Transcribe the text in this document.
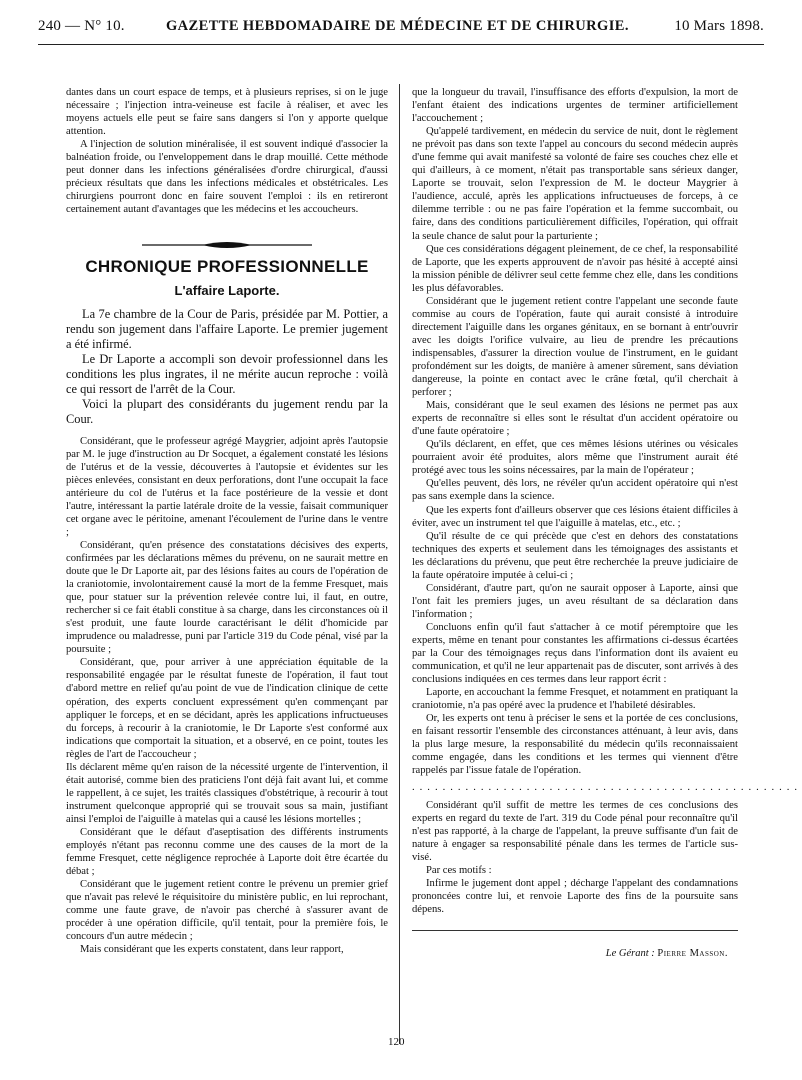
240 — N° 10.	GAZETTE HEBDOMADAIRE DE MÉDECINE ET DE CHIRURGIE.	10 Mars 1898.

dantes dans un court espace de temps, et à plusieurs reprises, si on le juge nécessaire ; l'injection intra-veineuse est facile à réaliser, et avec les moyens actuels elle peut se faire sans dangers si l'on y apporte quelque attention.

A l'injection de solution minéralisée, il est souvent indiqué d'associer la balnéation froide, ou l'enveloppement dans le drap mouillé. Cette méthode peut donner dans les infections généralisées d'ordre chirurgical, d'aussi précieux résultats que dans les infections médicales et obstétricales. Les chirurgiens pourront donc en faire souvent l'emploi : ils en retireront certainement autant d'avantages que les médecins et les accoucheurs.

CHRONIQUE PROFESSIONNELLE
L'affaire Laporte.

La 7e chambre de la Cour de Paris, présidée par M. Pottier, a rendu son jugement dans l'affaire Laporte. Le premier jugement a été infirmé.

Le Dr Laporte a accompli son devoir professionnel dans les conditions les plus ingrates, il ne mérite aucun reproche : voilà ce qui ressort de l'arrêt de la Cour.

Voici la plupart des considérants du jugement rendu par la Cour.

Considérant, que le professeur agrégé Maygrier, adjoint après l'autopsie par M. le juge d'instruction au Dr Socquet, a également constaté les lésions de l'utérus et de la vessie, découvertes à l'autopsie et évidentes sur les pièces enlevées, consistant en deux perforations, dont l'une occupait la face antérieure du col de l'utérus et la face postérieure de la vessie et dont l'autre, intéressant la partie latérale droite de la vessie, faisait communiquer cet organe avec le péritoine, amenant l'écoulement de l'urine dans le ventre ;

Considérant, qu'en présence des constatations décisives des experts, confirmées par les déclarations mêmes du prévenu, on ne saurait mettre en doute que le Dr Laporte ait, par des lésions faites au cours de l'opération de la craniotomie, involontairement causé la mort de la femme Fresquet, mais que, pour statuer sur la prévention relevée contre lui, il faut, en outre, rechercher si ce fait établi constitue à sa charge, dans les circonstances où il s'est produit, une faute lourde caractérisant le délit d'homicide par imprudence ou maladresse, puni par l'article 319 du Code pénal, visé par la poursuite ;

Considérant, que, pour arriver à une appréciation équitable de la responsabilité engagée par le résultat funeste de l'opération, il faut tout d'abord mettre en relief qu'au point de vue de l'indication clinique de cette opération, des experts concluent expressément qu'en commençant par appliquer le forceps, et en se décidant, après les applications infructueuses du forceps, à recourir à la craniotomie, le Dr Laporte s'est conformé aux indications que comportait la situation, et a observé, en ce point, toutes les règles de l'art de l'accoucheur ;

Ils déclarent même qu'en raison de la nécessité urgente de l'intervention, il était autorisé, comme bien des praticiens l'ont déjà fait avant lui, et comme le rappellent, à ce sujet, les traités classiques d'obstétrique, à recourir à tout instrument quelconque approprié qui se trouvait sous sa main, justifiant ainsi l'emploi de l'aiguille à matelas qui a causé les lésions mortelles ;

Considérant que le défaut d'aseptisation des différents instruments employés n'étant pas reconnu comme une des causes de la mort de la femme Fresquet, cette négligence reprochée à Laporte doit être écartée du débat ;

Considérant que le jugement retient contre le prévenu un premier grief que n'avait pas relevé le réquisitoire du ministère public, en lui reprochant, comme une faute grave, de n'avoir pas cherché à s'assurer avant de procéder à une opération difficile, qu'il tentait, pour la première fois, le concours d'un autre médecin ;

Mais considérant que les experts constatent, dans leur rapport,

que la longueur du travail, l'insuffisance des efforts d'expulsion, la mort de l'enfant étaient des indications urgentes de terminer artificiellement l'accouchement ;

Qu'appelé tardivement, en médecin du service de nuit, dont le règlement ne prévoit pas dans son texte l'appel au concours du second médecin auprès d'une femme qui avait manifesté sa volonté de faire ses couches chez elle et qui d'ailleurs, à ce moment, n'était pas transportable sans sérieux danger, Laporte se trouvait, selon l'expression de M. le docteur Maygrier à l'audience, acculé, après les applications infructueuses de forceps, à ce dilemme terrible : ou ne pas faire l'opération et la femme succombait, ou faire, dans des conditions particulièrement difficiles, l'opération, qui offrait la seule chance de salut pour la parturiente ;

Que ces considérations dégagent pleinement, de ce chef, la responsabilité de Laporte, que les experts approuvent de n'avoir pas hésité à accepté ainsi la mission pénible de délivrer seul cette femme chez elle, dans les conditions les plus défavorables.

Considérant que le jugement retient contre l'appelant une seconde faute commise au cours de l'opération, faute qui aurait consisté à introduire directement l'aiguille dans les organes génitaux, en se bornant à entr'ouvrir avec les doigts l'orifice vulvaire, au lieu de prendre les précautions indispensables, d'assurer la direction voulue de l'instrument, en le guidant profondément sur les doigts, de manière à amener sûrement, sans déviation dangereuse, la pointe en contact avec le crâne fœtal, qu'il cherchait à perforer ;

Mais, considérant que le seul examen des lésions ne permet pas aux experts de reconnaître si elles sont le résultat d'un accident opératoire ou d'une faute opératoire ;

Qu'ils déclarent, en effet, que ces mêmes lésions utérines ou vésicales pourraient avoir été produites, alors même que l'instrument aurait été protégé avec tous les soins nécessaires, par la main de l'opérateur ;

Qu'elles peuvent, dès lors, ne révéler qu'un accident opératoire qui n'est pas sans exemple dans la science.

Que les experts font d'ailleurs observer que ces lésions étaient difficiles à éviter, avec un instrument tel que l'aiguille à matelas, etc., etc. ;

Qu'il résulte de ce qui précède que c'est en dehors des constatations techniques des experts et seulement dans les témoignages des assistants et les déclarations du prévenu, que peut être recherchée la preuve judiciaire de la faute opératoire imputée à celui-ci ;

Considérant, d'autre part, qu'on ne saurait opposer à Laporte, ainsi que l'ont fait les premiers juges, un aveu résultant de sa déclaration dans l'information ;

Concluons enfin qu'il faut s'attacher à ce motif péremptoire que les experts, même en tenant pour constantes les affirmations ci-dessus écartées par la Cour des témoignages reçus dans l'information dont ils avaient eu communication, et qu'il ne leur appartenait pas de discuter, sont arrivés à des conclusions indiquées en ces termes dans leur rapport écrit :

Laporte, en accouchant la femme Fresquet, et notamment en pratiquant la craniotomie, n'a pas opéré avec la prudence et l'habileté désirables.

Or, les experts ont tenu à préciser le sens et la portée de ces conclusions, en faisant ressortir l'ensemble des circonstances atténuant, à leur avis, dans la plus large mesure, la responsabilité du médecin qu'ils reconnaissaient comme engagée, dans les conditions et les termes qui viennent d'être rappelés par l'issue fatale de l'opération.

...................................................

Considérant qu'il suffit de mettre les termes de ces conclusions des experts en regard du texte de l'art. 319 du Code pénal pour reconnaître qu'il n'est pas rapporté, à la charge de l'appelant, la preuve suffisante d'un fait de nature à engager sa responsabilité pénale dans les termes de l'article sus-visé.

Par ces motifs :

Infirme le jugement dont appel ; décharge l'appelant des condamnations prononcées contre lui, et renvoie Laporte des fins de la poursuite sans dépens.

Le Gérant : Pierre Masson.
120
